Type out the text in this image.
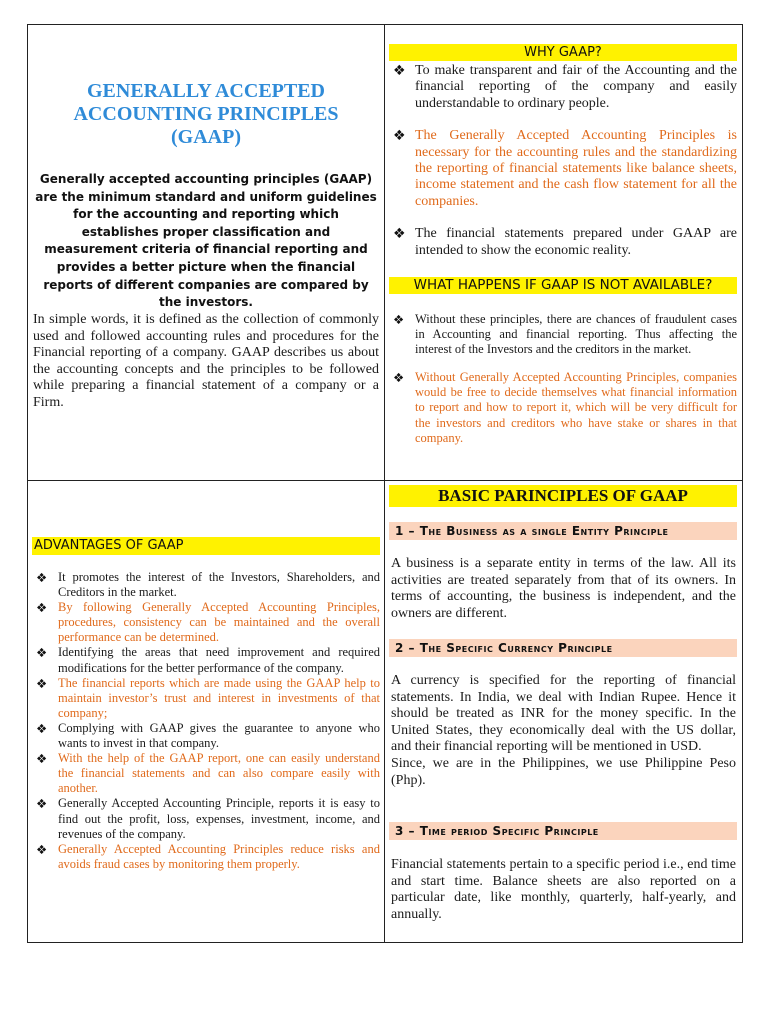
GENERALLY ACCEPTED
ACCOUNTING PRINCIPLES
(GAAP)

Generally accepted accounting principles (GAAP) are the minimum standard and uniform guidelines for the accounting and reporting which establishes proper classification and measurement criteria of financial reporting and provides a better picture when the financial reports of different companies are compared by the investors.

In simple words, it is defined as the collection of commonly used and followed accounting rules and procedures for the Financial reporting of a company. GAAP describes us about the accounting concepts and the principles to be followed while preparing a financial statement of a company or a Firm.

WHY GAAP?
❖ To make transparent and fair of the Accounting and the financial reporting of the company and easily understandable to ordinary people.
❖ The Generally Accepted Accounting Principles is necessary for the accounting rules and the standardizing the reporting of financial statements like balance sheets, income statement and the cash flow statement for all the companies.
❖ The financial statements prepared under GAAP are intended to show the economic reality.
WHAT HAPPENS IF GAAP IS NOT AVAILABLE?
❖ Without these principles, there are chances of fraudulent cases in Accounting and financial reporting. Thus affecting the interest of the Investors and the creditors in the market.
❖ Without Generally Accepted Accounting Principles, companies would be free to decide themselves what financial information to report and how to report it, which will be very difficult for the investors and creditors who have stake or shares in that company.
ADVANTAGES OF GAAP
❖ It promotes the interest of the Investors, Shareholders, and Creditors in the market.
❖ By following Generally Accepted Accounting Principles, procedures, consistency can be maintained and the overall performance can be determined.
❖ Identifying the areas that need improvement and required modifications for the better performance of the company.
❖ The financial reports which are made using the GAAP help to maintain investor’s trust and interest in investments of that company;
❖ Complying with GAAP gives the guarantee to anyone who wants to invest in that company.
❖ With the help of the GAAP report, one can easily understand the financial statements and can also compare easily with another.
❖ Generally Accepted Accounting Principle, reports it is easy to find out the profit, loss, expenses, investment, income, and revenues of the company.
❖ Generally Accepted Accounting Principles reduce risks and avoids fraud cases by monitoring them properly.
BASIC PARINCIPLES OF GAAP
1 – The Business as a single Entity Principle

A business is a separate entity in terms of the law. All its activities are treated separately from that of its owners. In terms of accounting, the business is independent, and the owners are different.

2 – The Specific Currency Principle

A currency is specified for the reporting of financial statements. In India, we deal with Indian Rupee. Hence it should be treated as INR for the money specific. In the United States, they economically deal with the US dollar, and their financial reporting will be mentioned in USD.

Since, we are in the Philippines, we use Philippine Peso (Php).

3 – Time period Specific Principle

Financial statements pertain to a specific period i.e., end time and start time. Balance sheets are also reported on a particular date, like monthly, quarterly, half-yearly, and annually.
